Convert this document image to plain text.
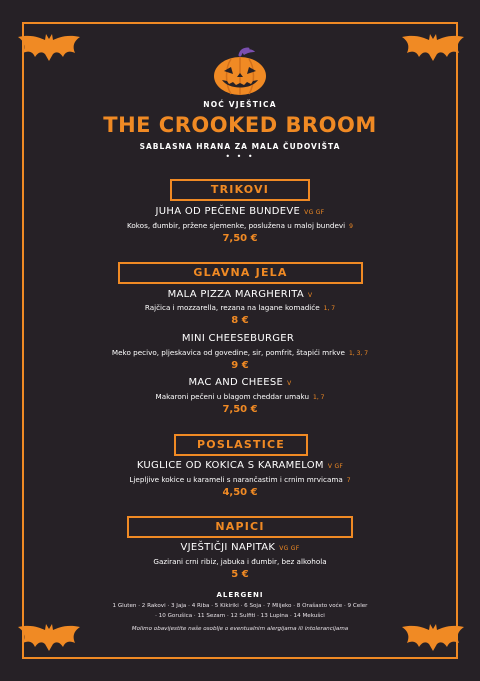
NOĆ VJEŠTICA
THE CROOKED BROOM
SABLASNA HRANA ZA MALA ČUDOVIŠTA
• • •
TRIKOVI
JUHA OD PEČENE BUNDEVE VG GF
Kokos, đumbir, pržene sjemenke, poslužena u maloj bundevi 9
7,50 €
GLAVNA JELA
MALA PIZZA MARGHERITA V
Rajčica i mozzarella, rezana na lagane komadiće 1, 7
8 €
MINI CHEESEBURGER
Meko pecivo, pljeskavica od govedine, sir, pomfrit, štapići mrkve 1, 3, 7
9 €
MAC AND CHEESE V
Makaroni pečeni u blagom cheddar umaku 1, 7
7,50 €
POSLASTICE
KUGLICE OD KOKICA S KARAMELOM V GF
Ljepljive kokice u karameli s narančastim i crnim mrvicama 7
4,50 €
NAPICI
VJEŠTIČJI NAPITAK VG GF
Gazirani crni ribiz, jabuka i đumbir, bez alkohola
5 €
ALERGENI
1 Gluten · 2 Rakovi · 3 Jaja · 4 Riba · 5 Kikiriki · 6 Soja · 7 Mlijeko · 8 Orašasto voće · 9 Celer
· 10 Gorušica · 11 Sezam · 12 Sulfiti · 13 Lupina · 14 Mekušci
Molimo obavijestite naše osoblje o eventualnim alergijama ili intolerancijama
